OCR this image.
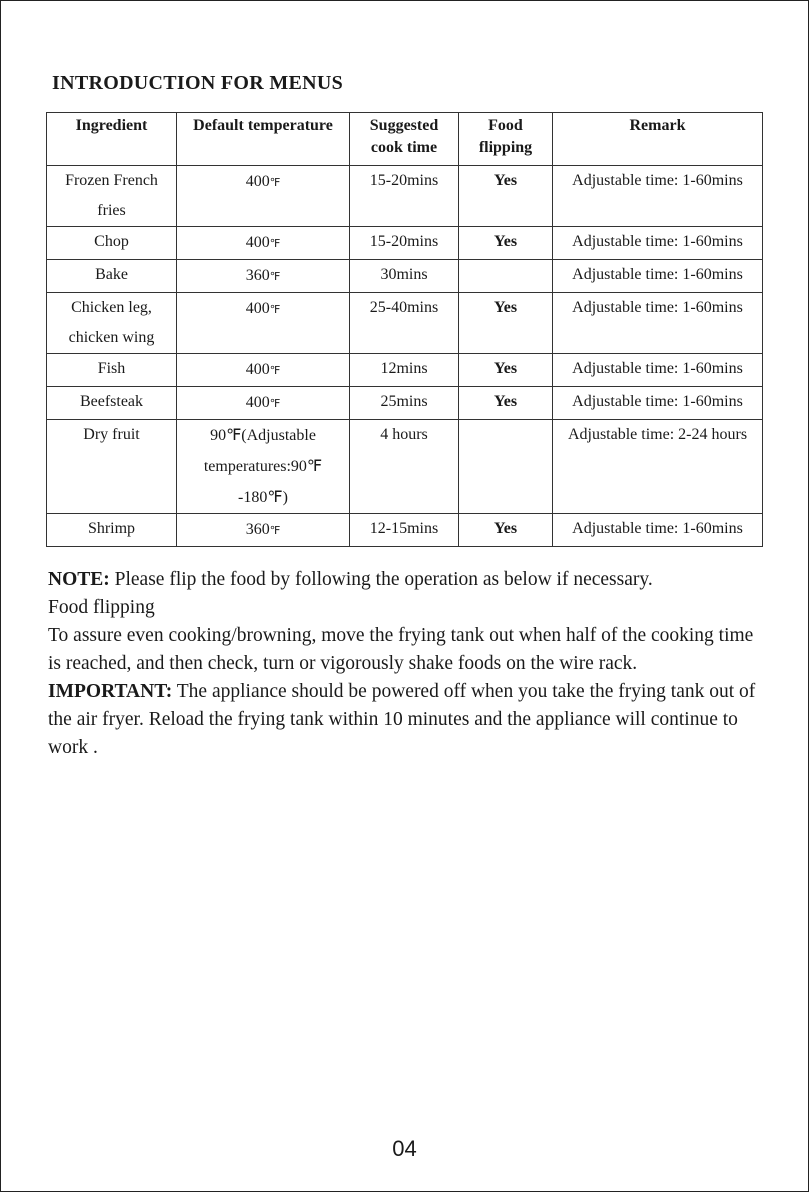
INTRODUCTION FOR MENUS
Ingredient	Default temperature	Suggested cook time	Food flipping	Remark
Frozen French fries	400℉	15-20mins	Yes	Adjustable time: 1-60mins
Chop	400℉	15-20mins	Yes	Adjustable time: 1-60mins
Bake	360℉	30mins		Adjustable time: 1-60mins
Chicken leg, chicken wing	400℉	25-40mins	Yes	Adjustable time: 1-60mins
Fish	400℉	12mins	Yes	Adjustable time: 1-60mins
Beefsteak	400℉	25mins	Yes	Adjustable time: 1-60mins
Dry fruit	90℉(Adjustable temperatures:90℉ -180℉)	4 hours		Adjustable time: 2-24 hours
Shrimp	360℉	12-15mins	Yes	Adjustable time: 1-60mins

NOTE: Please flip the food by following the operation as below if necessary.

Food flipping

To assure even cooking/browning, move the frying tank out when half of the cooking time is reached, and then check, turn or vigorously shake foods on the wire rack.

IMPORTANT: The appliance should be powered off when you take the frying tank out of the air fryer. Reload the frying tank within 10 minutes and the appliance will continue to work .

04
